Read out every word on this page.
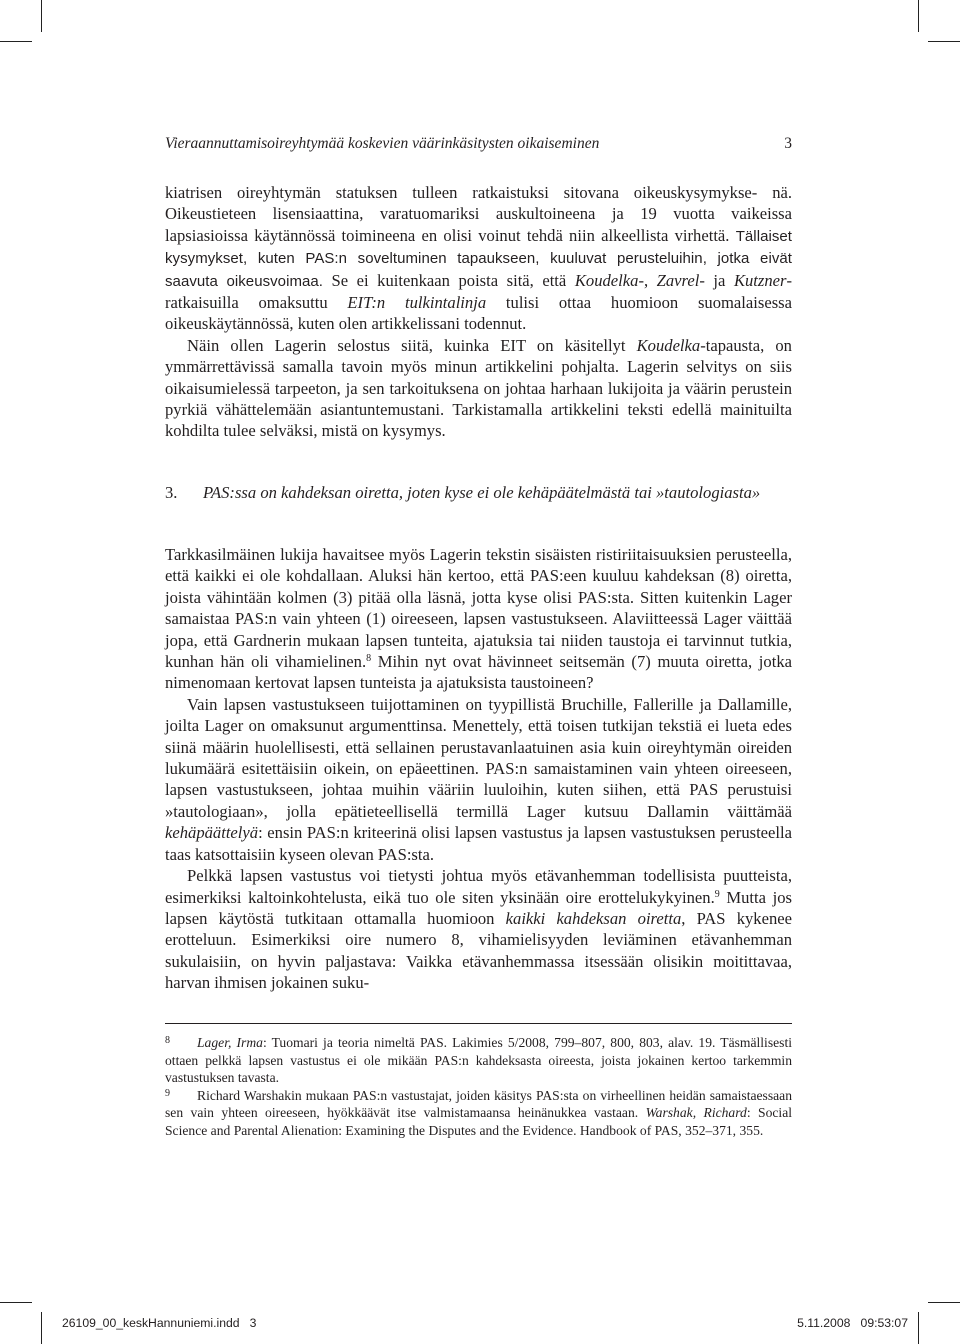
Vieraannuttamisoireyhtymää koskevien väärinkäsitysten oikaiseminen	3

kiatrisen oireyhtymän statuksen tulleen ratkaistuksi sitovana oikeuskysymykse- nä. Oikeustieteen lisensiaattina, varatuomariksi auskultoineena ja 19 vuotta vaikeissa lapsiasioissa käytännössä toimineena en olisi voinut tehdä niin alkeellista virhettä. Tällaiset kysymykset, kuten PAS:n soveltuminen tapaukseen, kuuluvat perusteluihin, jotka eivät saavuta oikeusvoimaa. Se ei kuitenkaan poista sitä, että Koudelka-, Zavrel- ja Kutzner-ratkaisuilla omaksuttu EIT:n tulkintalinja tulisi ottaa huomioon suomalaisessa oikeuskäytännössä, kuten olen artikkelissani todennut.

Näin ollen Lagerin selostus siitä, kuinka EIT on käsitellyt Koudelka-tapausta, on ymmärrettävissä samalla tavoin myös minun artikkelini pohjalta. Lagerin selvitys on siis oikaisumielessä tarpeeton, ja sen tarkoituksena on johtaa harhaan lukijoita ja väärin perustein pyrkiä vähättelemään asiantuntemustani. Tarkistamalla artikkelini teksti edellä mainituilta kohdilta tulee selväksi, mistä on kysymys.

3. PAS:ssa on kahdeksan oiretta, joten kyse ei ole kehäpäätelmästä tai »tautologiasta»

Tarkkasilmäinen lukija havaitsee myös Lagerin tekstin sisäisten ristiriitaisuuksien perusteella, että kaikki ei ole kohdallaan. Aluksi hän kertoo, että PAS:een kuuluu kahdeksan (8) oiretta, joista vähintään kolmen (3) pitää olla läsnä, jotta kyse olisi PAS:sta. Sitten kuitenkin Lager samaistaa PAS:n vain yhteen (1) oireeseen, lapsen vastustukseen. Alaviitteessä Lager väittää jopa, että Gardnerin mukaan lapsen tunteita, ajatuksia tai niiden taustoja ei tarvinnut tutkia, kunhan hän oli vihamielinen.$^8$ Mihin nyt ovat hävinneet seitsemän (7) muuta oiretta, jotka nimenomaan kertovat lapsen tunteista ja ajatuksista taustoineen?

Vain lapsen vastustukseen tuijottaminen on tyypillistä Bruchille, Fallerille ja Dallamille, joilta Lager on omaksunut argumenttinsa. Menettely, että toisen tutkijan tekstiä ei lueta edes siinä määrin huolellisesti, että sellainen perustavanlaatuinen asia kuin oireyhtymän oireiden lukumäärä esitettäisiin oikein, on epäeettinen. PAS:n samaistaminen vain yhteen oireeseen, lapsen vastustukseen, johtaa muihin vääriin luuloihin, kuten siihen, että PAS perustuisi »tautologiaan», jolla epätieteellisellä termillä Lager kutsuu Dallamin väittämää kehäpäättelyä: ensin PAS:n kriteerinä olisi lapsen vastustus ja lapsen vastustuksen perusteella taas katsottaisiin kyseen olevan PAS:sta.

Pelkkä lapsen vastustus voi tietysti johtua myös etävanhemman todellisista puutteista, esimerkiksi kaltoinkohtelusta, eikä tuo ole siten yksinään oire erottelukykyinen.$^9$ Mutta jos lapsen käytöstä tutkitaan ottamalla huomioon kaikki kahdeksan oiretta, PAS kykenee erotteluun. Esimerkiksi oire numero 8, vihamielisyyden leviäminen etävanhemman sukulaisiin, on hyvin paljastava: Vaikka etävanhemmassa itsessään olisikin moitittavaa, harvan ihmisen jokainen suku-

8 Lager, Irma: Tuomari ja teoria nimeltä PAS. Lakimies 5/2008, 799–807, 800, 803, alav. 19. Täsmällisesti ottaen pelkkä lapsen vastustus ei ole mikään PAS:n kahdeksasta oireesta, joista jokainen kertoo tarkemmin vastustuksen tavasta.

9 Richard Warshakin mukaan PAS:n vastustajat, joiden käsitys PAS:sta on virheellinen heidän samaistaessaan sen vain yhteen oireeseen, hyökkäävät itse valmistamaansa heinänukkea vastaan. Warshak, Richard: Social Science and Parental Alienation: Examining the Disputes and the Evidence. Handbook of PAS, 352–371, 355.

26109_00_keskHannuniemi.indd   3	5.11.2008   09:53:07
